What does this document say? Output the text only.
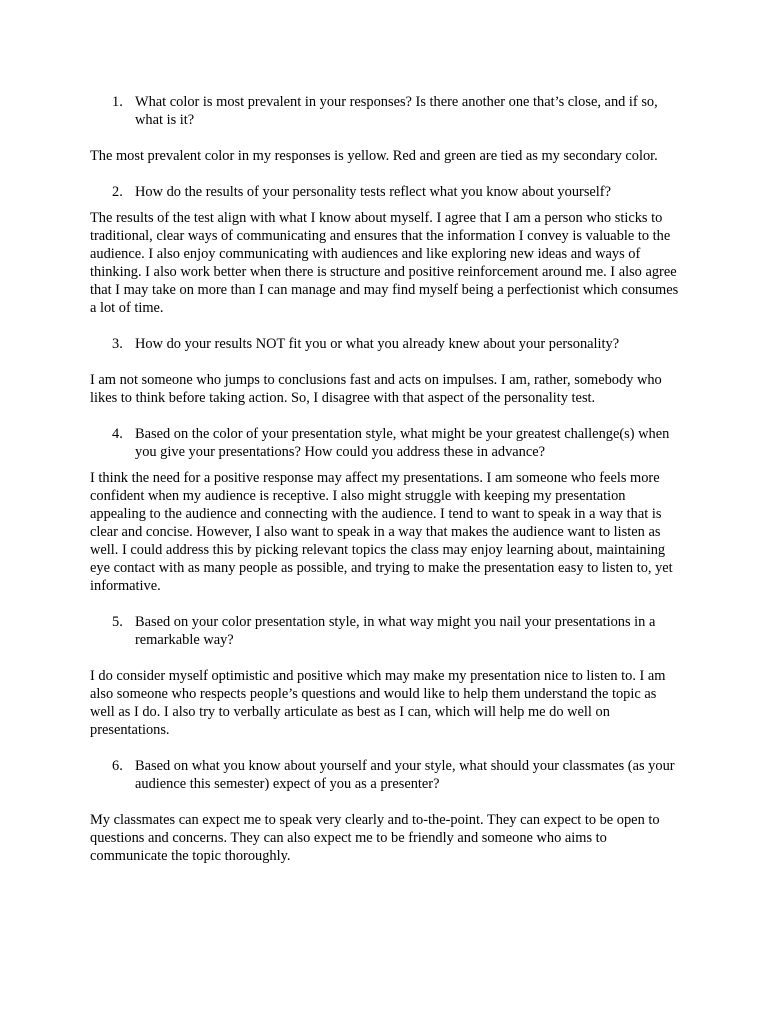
1. What color is most prevalent in your responses? Is there another one that’s close, and if so, what is it?

The most prevalent color in my responses is yellow. Red and green are tied as my secondary color.

2. How do the results of your personality tests reflect what you know about yourself?

The results of the test align with what I know about myself. I agree that I am a person who sticks to traditional, clear ways of communicating and ensures that the information I convey is valuable to the audience. I also enjoy communicating with audiences and like exploring new ideas and ways of thinking. I also work better when there is structure and positive reinforcement around me. I also agree that I may take on more than I can manage and may find myself being a perfectionist which consumes a lot of time.

3. How do your results NOT fit you or what you already knew about your personality?

I am not someone who jumps to conclusions fast and acts on impulses. I am, rather, somebody who likes to think before taking action. So, I disagree with that aspect of the personality test.

4. Based on the color of your presentation style, what might be your greatest challenge(s) when you give your presentations? How could you address these in advance?

I think the need for a positive response may affect my presentations. I am someone who feels more confident when my audience is receptive. I also might struggle with keeping my presentation appealing to the audience and connecting with the audience. I tend to want to speak in a way that is clear and concise. However, I also want to speak in a way that makes the audience want to listen as well. I could address this by picking relevant topics the class may enjoy learning about, maintaining eye contact with as many people as possible, and trying to make the presentation easy to listen to, yet informative.

5. Based on your color presentation style, in what way might you nail your presentations in a remarkable way?

I do consider myself optimistic and positive which may make my presentation nice to listen to. I am also someone who respects people’s questions and would like to help them understand the topic as well as I do. I also try to verbally articulate as best as I can, which will help me do well on presentations.

6. Based on what you know about yourself and your style, what should your classmates (as your audience this semester) expect of you as a presenter?

My classmates can expect me to speak very clearly and to-the-point. They can expect to be open to questions and concerns. They can also expect me to be friendly and someone who aims to communicate the topic thoroughly.
